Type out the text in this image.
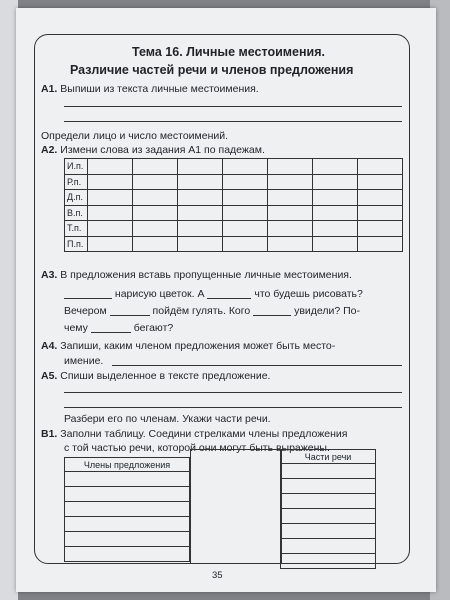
Тема 16. Личные местоимения.
Различие частей речи и членов предложения
А1. Выпиши из текста личные местоимения.
Определи лицо и число местоимений.
А2. Измени слова из задания А1 по падежам.
И.п.							
Р.п.							
Д.п.							
В.п.							
Т.п.							
П.п.							
А3. В предложения вставь пропущенные личные местоимения.
нарисую цветок. А	что будешь рисовать?
Вечером	пойдём гулять. Кого	увидели? По-
чему	бегают?
А4. Запиши, каким членом предложения может быть место-
имение.
А5. Спиши выделенное в тексте предложение.
Разбери его по членам. Укажи части речи.
В1. Заполни таблицу. Соедини стрелками члены предложения
с той частью речи, которой они могут быть выражены.
Члены предложения

Части речи

35
